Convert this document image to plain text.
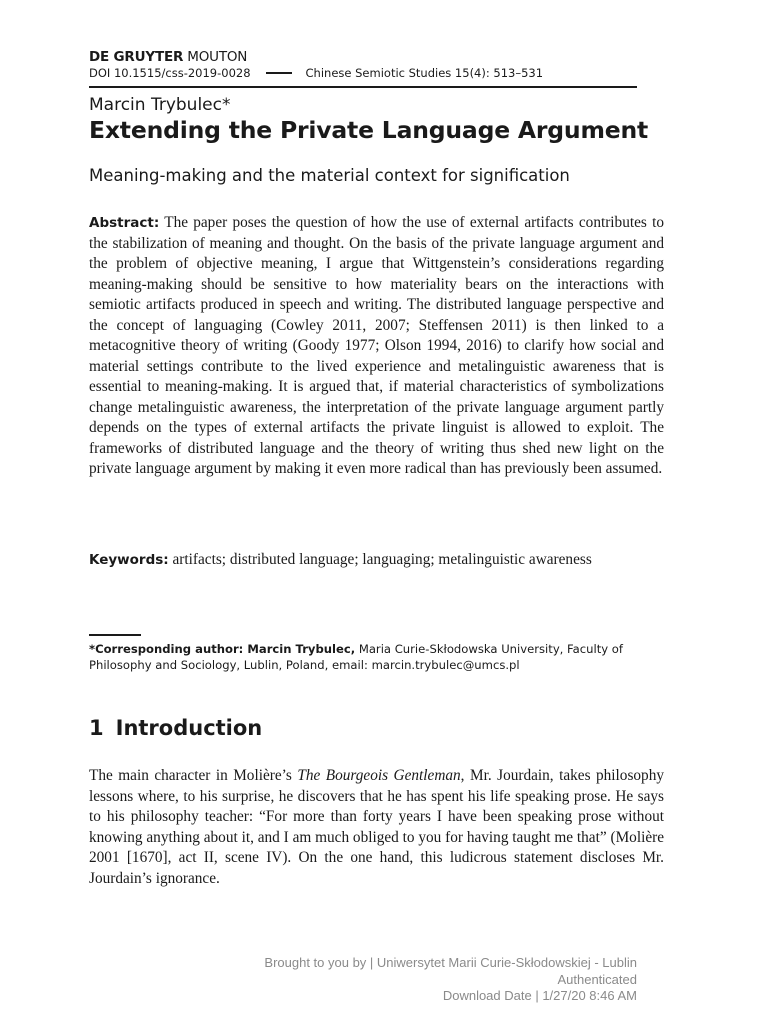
DE GRUYTER MOUTON
DOI 10.1515/css-2019-0028	Chinese Semiotic Studies 15(4): 513–531
Marcin Trybulec*
Extending the Private Language Argument
Meaning-making and the material context for signification
Abstract: The paper poses the question of how the use of external artifacts contributes to the stabilization of meaning and thought. On the basis of the private language argument and the problem of objective meaning, I argue that Wittgenstein’s considerations regarding meaning-making should be sensitive to how materiality bears on the interactions with semiotic artifacts produced in speech and writing. The distributed language perspective and the concept of languaging (Cowley 2011, 2007; Steffensen 2011) is then linked to a metacognitive theory of writing (Goody 1977; Olson 1994, 2016) to clarify how social and material settings contribute to the lived experience and metalinguistic awareness that is essential to meaning-making. It is argued that, if material characteristics of symbolizations change metalinguistic awareness, the interpretation of the private language argument partly depends on the types of external artifacts the private linguist is allowed to exploit. The frameworks of distributed language and the theory of writing thus shed new light on the private language argument by making it even more radical than has previously been assumed.
Keywords: artifacts; distributed language; languaging; metalinguistic awareness
*Corresponding author: Marcin Trybulec, Maria Curie-Skłodowska University, Faculty of Philosophy and Sociology, Lublin, Poland, email: marcin.trybulec@umcs.pl
1 Introduction
The main character in Molière’s The Bourgeois Gentleman, Mr. Jourdain, takes philosophy lessons where, to his surprise, he discovers that he has spent his life speaking prose. He says to his philosophy teacher: “For more than forty years I have been speaking prose without knowing anything about it, and I am much obliged to you for having taught me that” (Molière 2001 [1670], act II, scene IV). On the one hand, this ludicrous statement discloses Mr. Jourdain’s ignorance.
Brought to you by | Uniwersytet Marii Curie-Skłodowskiej - Lublin
Authenticated
Download Date | 1/27/20 8:46 AM
